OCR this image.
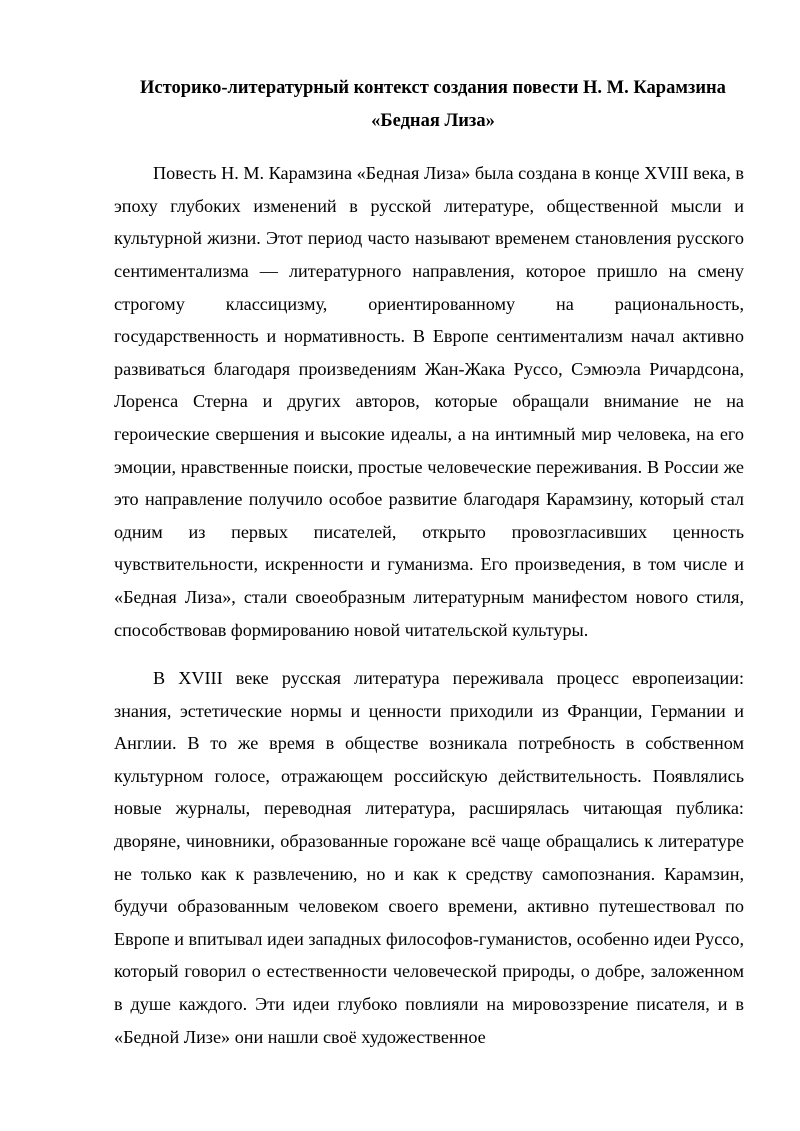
Историко-литературный контекст создания повести Н. М. Карамзина
«Бедная Лиза»

Повесть Н. М. Карамзина «Бедная Лиза» была создана в конце XVIII века, в эпоху глубоких изменений в русской литературе, общественной мысли и культурной жизни. Этот период часто называют временем становления русского сентиментализма — литературного направления, которое пришло на смену строгому классицизму, ориентированному на рациональность, государственность и нормативность. В Европе сентиментализм начал активно развиваться благодаря произведениям Жан-Жака Руссо, Сэмюэла Ричардсона, Лоренса Стерна и других авторов, которые обращали внимание не на героические свершения и высокие идеалы, а на интимный мир человека, на его эмоции, нравственные поиски, простые человеческие переживания. В России же это направление получило особое развитие благодаря Карамзину, который стал одним из первых писателей, открыто провозгласивших ценность чувствительности, искренности и гуманизма. Его произведения, в том числе и «Бедная Лиза», стали своеобразным литературным манифестом нового стиля, способствовав формированию новой читательской культуры.

В XVIII веке русская литература переживала процесс европеизации: знания, эстетические нормы и ценности приходили из Франции, Германии и Англии. В то же время в обществе возникала потребность в собственном культурном голосе, отражающем российскую действительность. Появлялись новые журналы, переводная литература, расширялась читающая публика: дворяне, чиновники, образованные горожане всё чаще обращались к литературе не только как к развлечению, но и как к средству самопознания. Карамзин, будучи образованным человеком своего времени, активно путешествовал по Европе и впитывал идеи западных философов-гуманистов, особенно идеи Руссо, который говорил о естественности человеческой природы, о добре, заложенном в душе каждого. Эти идеи глубоко повлияли на мировоззрение писателя, и в «Бедной Лизе» они нашли своё художественное
